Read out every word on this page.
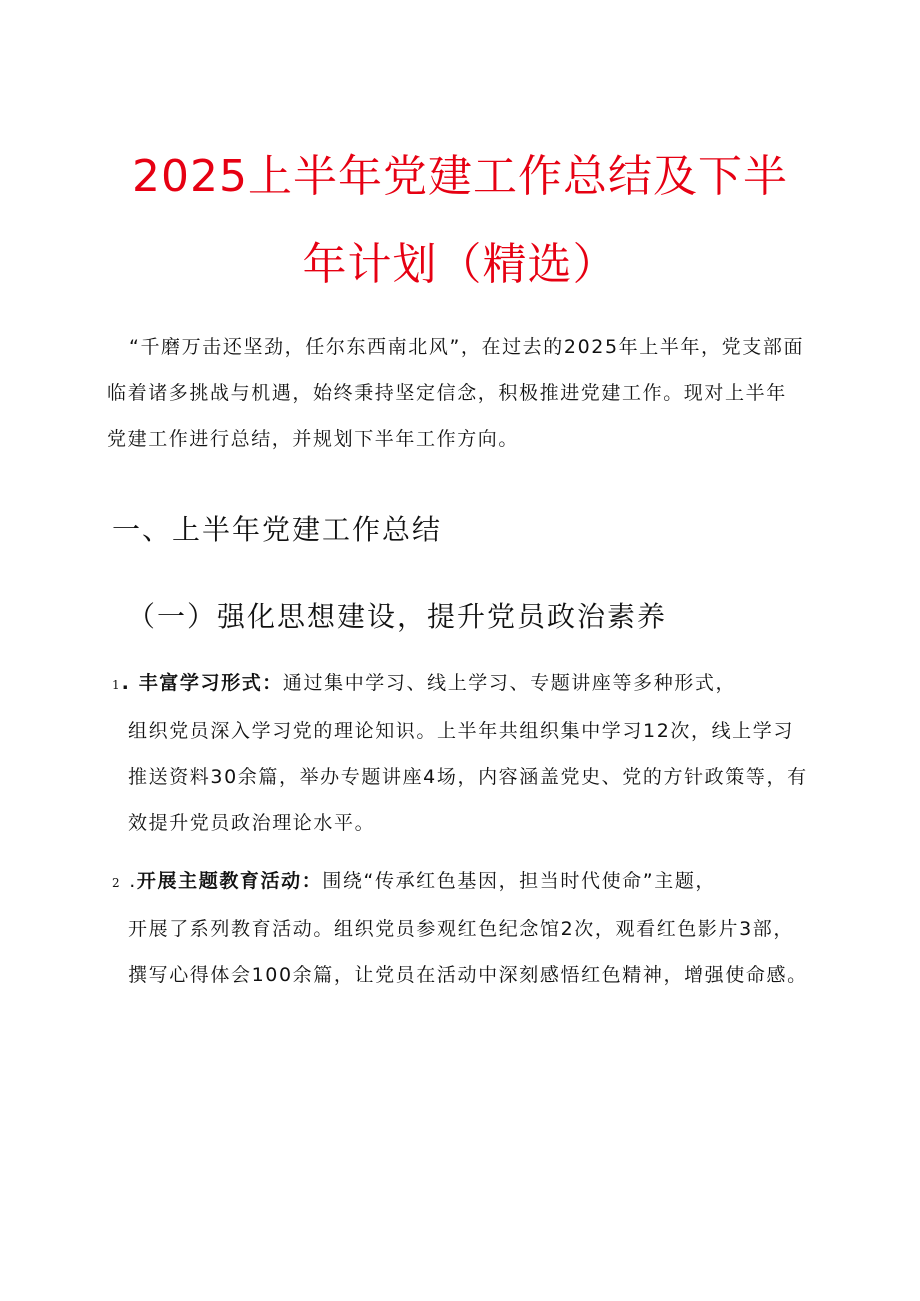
2025上半年党建工作总结及下半
年计划（精选）
“千磨万击还坚劲，任尔东西南北风”，在过去的2025年上半年，党支部面临着诸多挑战与机遇，始终秉持坚定信念，积极推进党建工作。现对上半年党建工作进行总结，并规划下半年工作方向。
一、上半年党建工作总结
（一）强化思想建设，提升党员政治素养
1 . 丰富学习形式：通过集中学习、线上学习、专题讲座等多种形式，
组织党员深入学习党的理论知识。上半年共组织集中学习12次，线上学习推送资料30余篇，举办专题讲座4场，内容涵盖党史、党的方针政策等，有效提升党员政治理论水平。
2 .开展主题教育活动：围绕“传承红色基因，担当时代使命”主题，
开展了系列教育活动。组织党员参观红色纪念馆2次，观看红色影片3部，撰写心得体会100余篇，让党员在活动中深刻感悟红色精神，增强使命感。
